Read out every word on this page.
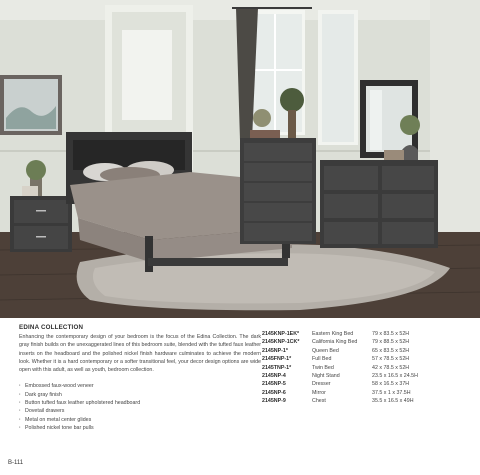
EDINA COLLECTION

Enhancing the contemporary design of your bedroom is the focus of the Edina Collection. The dark gray finish builds on the unexaggerated lines of this bedroom suite, blended with the tufted faux leather inserts on the headboard and the polished nickel finish hardware culminates to achieve the modern look. Whether it is a hard contemporary or a softer transitional feel, your decor design options are wide open with this adult, as well as youth, bedroom collection.

· Embossed faux-wood veneer
· Dark gray finish
· Button tufted faux leather upholstered headboard
· Dovetail drawers
· Metal on metal center glides
· Polished nickel tone bar pulls
2145KNP-1EK*	Eastern King Bed	79 x 83.5 x 52H
2145KNP-1CK*	California King Bed	79 x 88.5 x 52H
2145NP-1*	Queen Bed	65 x 83.5 x 52H
2145FNP-1*	Full Bed	57 x 78.5 x 52H
2145TNP-1*	Twin Bed	42 x 78.5 x 52H
2145NP-4	Night Stand	23.5 x 16.5 x 24.5H
2145NP-5	Dresser	58 x 16.5 x 37H
2145NP-6	Mirror	37.5 x 1 x 37.5H
2145NP-9	Chest	35.5 x 16.5 x 49H
B-111
